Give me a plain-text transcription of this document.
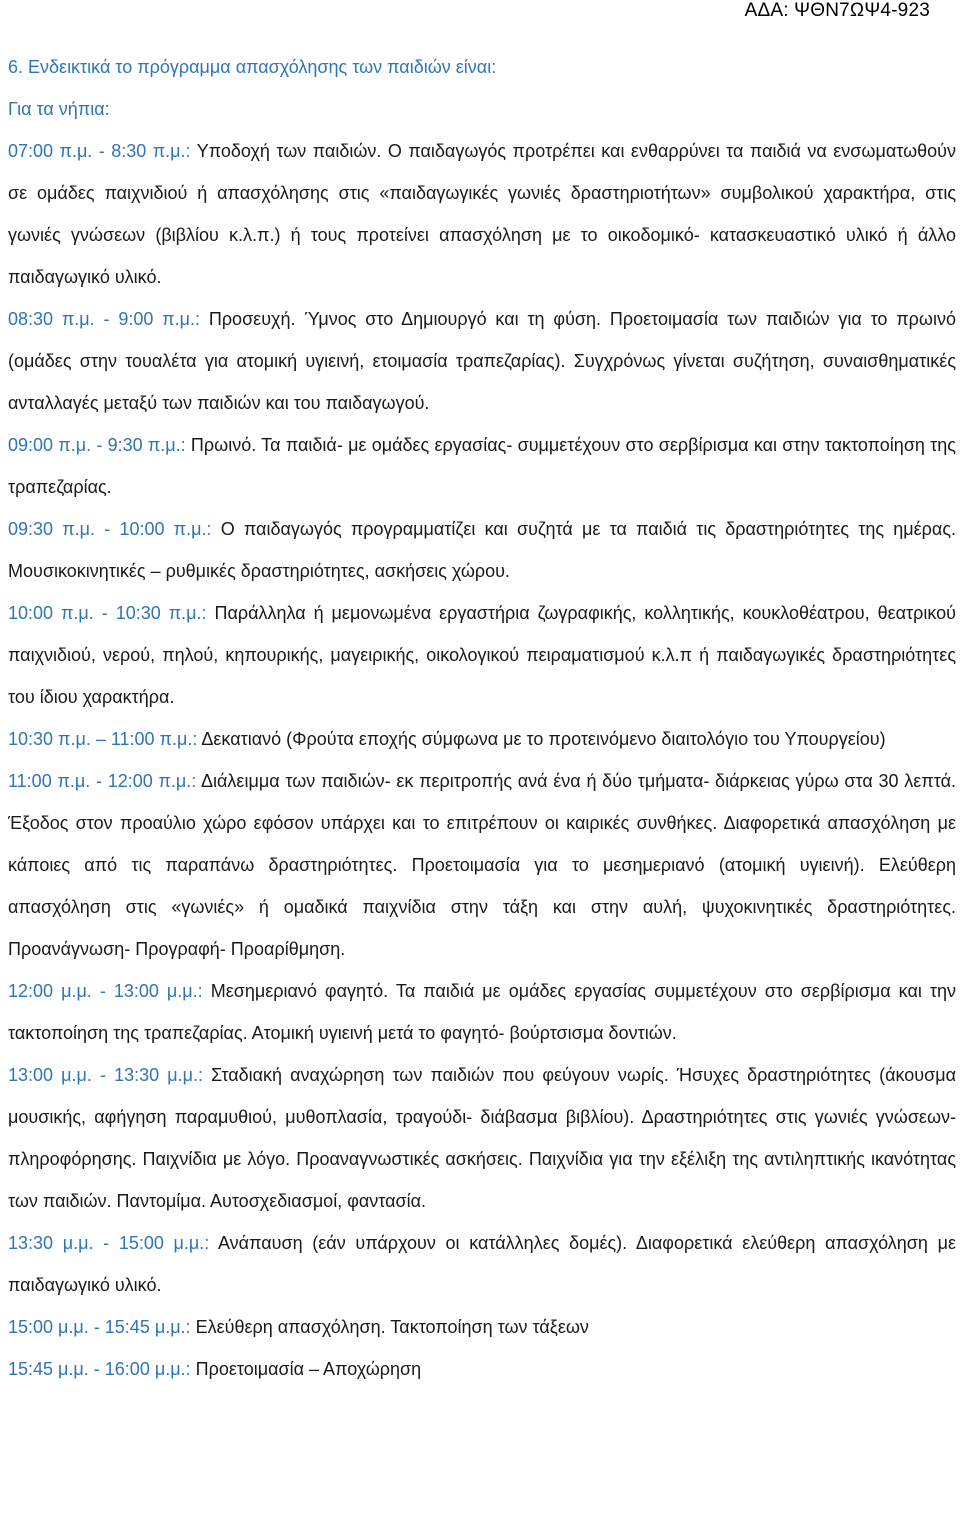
ΑΔΑ: ΨΘΝ7ΩΨ4-923

6. Ενδεικτικά το πρόγραμμα απασχόλησης των παιδιών είναι:

Για τα νήπια:

07:00 π.μ. - 8:30 π.μ.: Υποδοχή των παιδιών. Ο παιδαγωγός προτρέπει και ενθαρρύνει τα παιδιά να ενσωματωθούν σε ομάδες παιχνιδιού ή απασχόλησης στις «παιδαγωγικές γωνιές δραστηριοτήτων» συμβολικού χαρακτήρα, στις γωνιές γνώσεων (βιβλίου κ.λ.π.) ή τους προτείνει απασχόληση με το οικοδομικό- κατασκευαστικό υλικό ή άλλο παιδαγωγικό υλικό.

08:30 π.μ. - 9:00 π.μ.: Προσευχή. Ύμνος στο Δημιουργό και τη φύση. Προετοιμασία των παιδιών για το πρωινό (ομάδες στην τουαλέτα για ατομική υγιεινή, ετοιμασία τραπεζαρίας). Συγχρόνως γίνεται συζήτηση, συναισθηματικές ανταλλαγές μεταξύ των παιδιών και του παιδαγωγού.

09:00 π.μ. - 9:30 π.μ.: Πρωινό. Τα παιδιά- με ομάδες εργασίας- συμμετέχουν στο σερβίρισμα και στην τακτοποίηση της τραπεζαρίας.

09:30 π.μ. - 10:00 π.μ.: Ο παιδαγωγός προγραμματίζει και συζητά με τα παιδιά τις δραστηριότητες της ημέρας. Μουσικοκινητικές – ρυθμικές δραστηριότητες, ασκήσεις χώρου.

10:00 π.μ. - 10:30 π.μ.: Παράλληλα ή μεμονωμένα εργαστήρια ζωγραφικής, κολλητικής, κουκλοθέατρου, θεατρικού παιχνιδιού, νερού, πηλού, κηπουρικής, μαγειρικής, οικολογικού πειραματισμού κ.λ.π ή παιδαγωγικές δραστηριότητες του ίδιου χαρακτήρα.

10:30 π.μ. – 11:00 π.μ.: Δεκατιανό (Φρούτα εποχής σύμφωνα με το προτεινόμενο διαιτολόγιο του Υπουργείου)

11:00 π.μ. - 12:00 π.μ.: Διάλειμμα των παιδιών- εκ περιτροπής ανά ένα ή δύο τμήματα- διάρκειας γύρω στα 30 λεπτά. Έξοδος στον προαύλιο χώρο εφόσον υπάρχει και το επιτρέπουν οι καιρικές συνθήκες. Διαφορετικά απασχόληση με κάποιες από τις παραπάνω δραστηριότητες. Προετοιμασία για το μεσημεριανό (ατομική υγιεινή). Ελεύθερη απασχόληση στις «γωνιές» ή ομαδικά παιχνίδια στην τάξη και στην αυλή, ψυχοκινητικές δραστηριότητες. Προανάγνωση- Προγραφή- Προαρίθμηση.

12:00 μ.μ. - 13:00 μ.μ.: Μεσημεριανό φαγητό. Τα παιδιά με ομάδες εργασίας συμμετέχουν στο σερβίρισμα και την τακτοποίηση της τραπεζαρίας. Ατομική υγιεινή μετά το φαγητό- βούρτσισμα δοντιών.

13:00 μ.μ. - 13:30 μ.μ.: Σταδιακή αναχώρηση των παιδιών που φεύγουν νωρίς. Ήσυχες δραστηριότητες (άκουσμα μουσικής, αφήγηση παραμυθιού, μυθοπλασία, τραγούδι- διάβασμα βιβλίου). Δραστηριότητες στις γωνιές γνώσεων- πληροφόρησης. Παιχνίδια με λόγο. Προαναγνωστικές ασκήσεις. Παιχνίδια για την εξέλιξη της αντιληπτικής ικανότητας των παιδιών. Παντομίμα. Αυτοσχεδιασμοί, φαντασία.

13:30 μ.μ. - 15:00 μ.μ.: Ανάπαυση (εάν υπάρχουν οι κατάλληλες δομές). Διαφορετικά ελεύθερη απασχόληση με παιδαγωγικό υλικό.

15:00 μ.μ. - 15:45 μ.μ.: Ελεύθερη απασχόληση. Τακτοποίηση των τάξεων

15:45 μ.μ. - 16:00 μ.μ.: Προετοιμασία – Αποχώρηση
